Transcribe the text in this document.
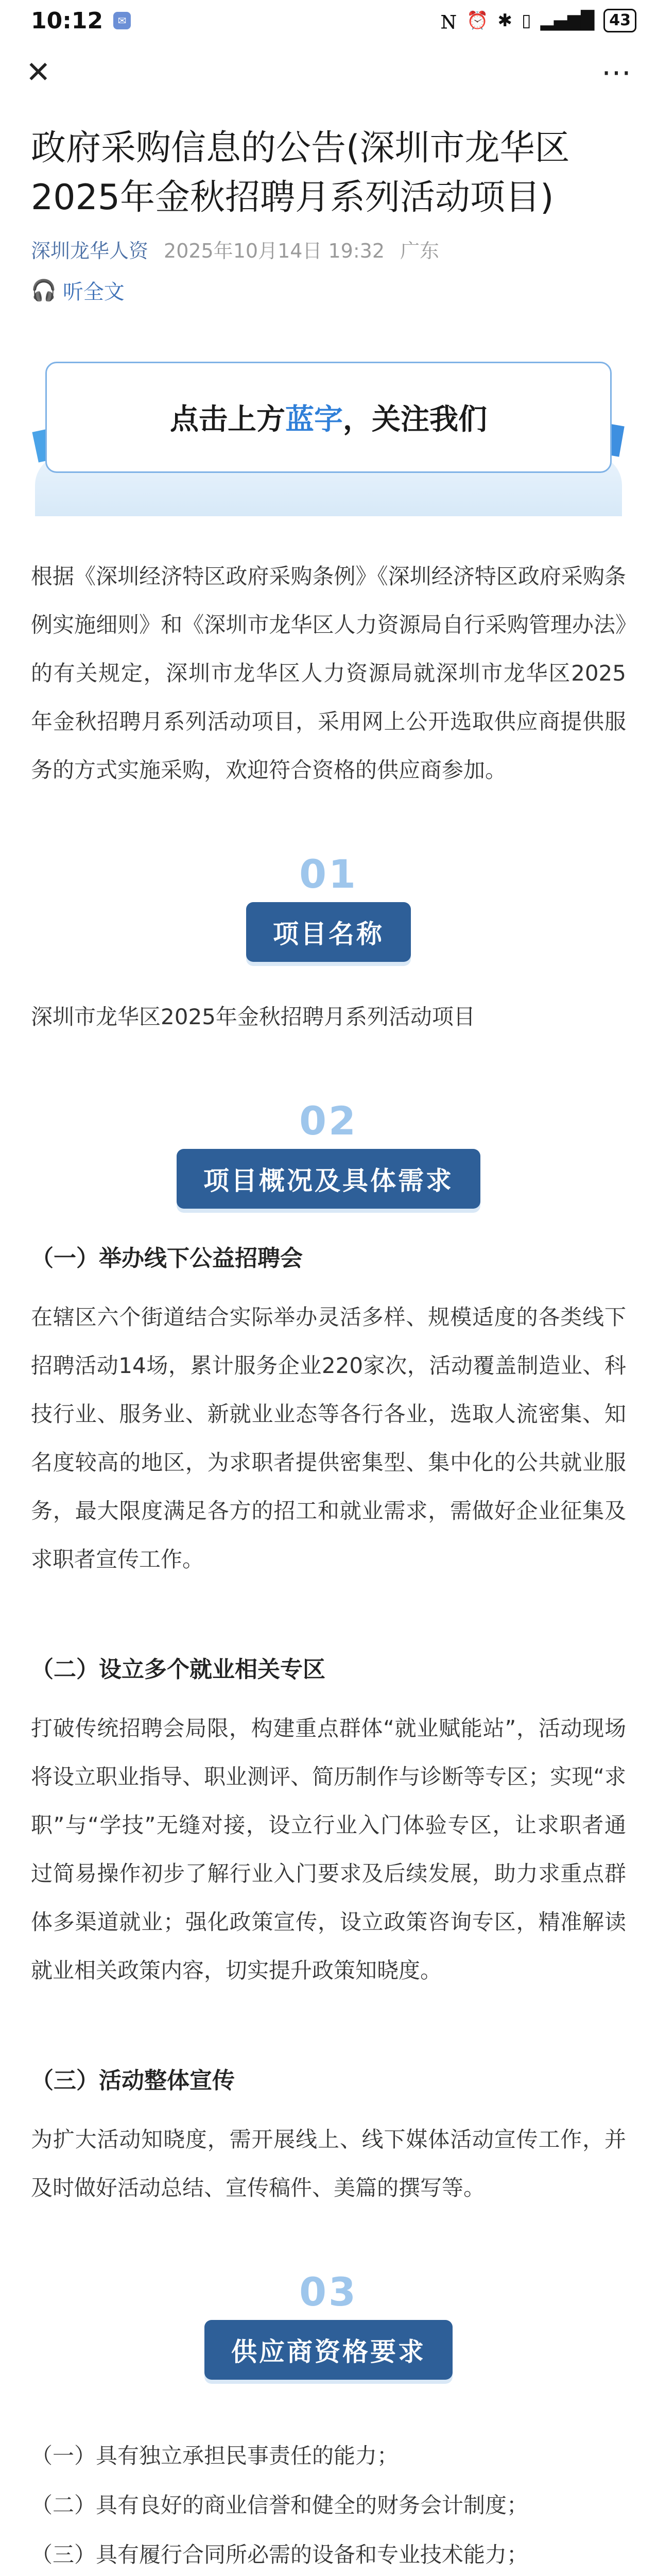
10:12	✉	Ｎ ⏰ ✱ ▯ ▂▄▆█ 43
✕	⋯
政府采购信息的公告(深圳市龙华区2025年金秋招聘月系列活动项目)
深圳龙华人资 2025年10月14日 19:32 广东
🎧 听全文
点击上方 蓝字 ，关注我们
根据《深圳经济特区政府采购条例》《深圳经济特区政府采购条例实施细则》和《深圳市龙华区人力资源局自行采购管理办法》的有关规定，深圳市龙华区人力资源局就深圳市龙华区2025年金秋招聘月系列活动项目，采用网上公开选取供应商提供服务的方式实施采购，欢迎符合资格的供应商参加。
01
项目名称
深圳市龙华区2025年金秋招聘月系列活动项目
02
项目概况及具体需求
（一）举办线下公益招聘会
在辖区六个街道结合实际举办灵活多样、规模适度的各类线下招聘活动14场，累计服务企业220家次，活动覆盖制造业、科技行业、服务业、新就业业态等各行各业，选取人流密集、知名度较高的地区，为求职者提供密集型、集中化的公共就业服务，最大限度满足各方的招工和就业需求，需做好企业征集及求职者宣传工作。
（二）设立多个就业相关专区
打破传统招聘会局限，构建重点群体“就业赋能站”，活动现场将设立职业指导、职业测评、简历制作与诊断等专区；实现“求职”与“学技”无缝对接，设立行业入门体验专区，让求职者通过简易操作初步了解行业入门要求及后续发展，助力求重点群体多渠道就业；强化政策宣传，设立政策咨询专区，精准解读就业相关政策内容，切实提升政策知晓度。
（三）活动整体宣传
为扩大活动知晓度，需开展线上、线下媒体活动宣传工作，并及时做好活动总结、宣传稿件、美篇的撰写等。
03
供应商资格要求
（一）具有独立承担民事责任的能力；
（二）具有良好的商业信誉和健全的财务会计制度；
（三）具有履行合同所必需的设备和专业技术能力；
